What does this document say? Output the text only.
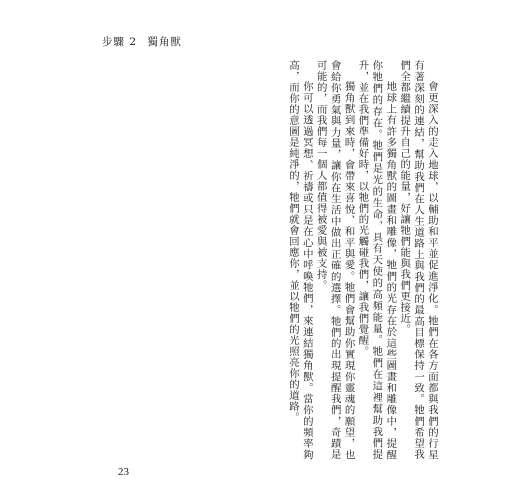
步驟 2 獨角獸

會更深入的走入地球，以輔助和平並促進淨化。牠們在各方面都與我們的行星有著深刻的連結，幫助我們在人生道路上與我們的最高目標保持一致。牠們希望我們全都繼續提升自己的能量，好讓牠們能與我們更接近。

地球上有許多獨角獸的圖畫和雕像，牠們的光存在於這些圖畫和雕像中，提醒你牠們的存在。牠們是光的生命，具有天使的高頻能量。牠們在這裡幫助我們提升，並在我們準備好時，以牠們的光觸碰我們，讓我們覺醒。

獨角獸到來時，會帶來喜悅、和平與愛。牠們會幫助你實現你靈魂的願望，也會給你勇氣與力量，讓你在生活中做出正確的選擇。牠們的出現提醒我們，奇蹟是可能的，而我們每一個人都值得被愛與被支持。

你可以透過冥想、祈禱或只是在心中呼喚牠們，來連結獨角獸。當你的頻率夠高，而你的意圖是純淨的，牠們就會回應你，並以牠們的光照亮你的道路。

23
